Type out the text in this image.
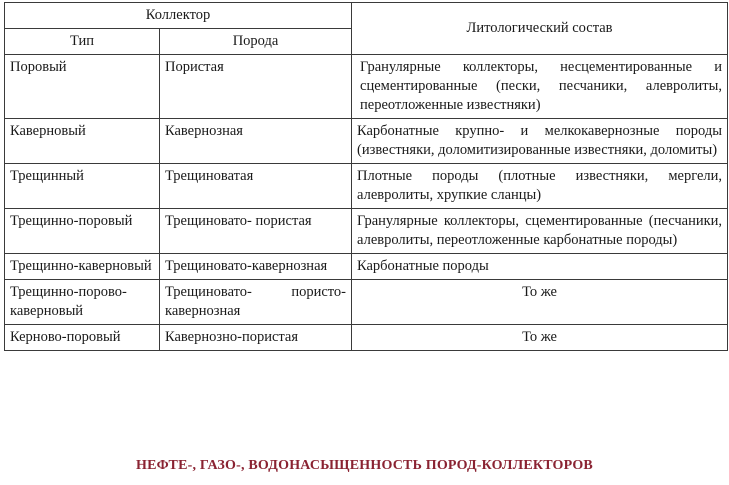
Коллектор		Литологический состав
Тип	Порода	
Поровый	Пористая	Гранулярные коллекторы, несцементированные и сцементированные (пески, песчаники, алевролиты, переотложенные известняки)
Каверновый	Кавернозная	Карбонатные крупно- и мелкокавернозные породы (известняки, доломитизированные известняки, доломиты)
Трещинный	Трещиноватая	Плотные породы (плотные известняки, мергели, алевролиты, хрупкие сланцы)
Трещинно-поровый	Трещиновато- пористая	Гранулярные коллекторы, сцементированные (песчаники, алевролиты, переотложенные карбонатные породы)
Трещинно-каверновый	Трещиновато-кавернозная	Карбонатные породы
Трещинно-порово-каверновый	Трещиновато- пористо-кавернозная	То же
Керново-поровый	Кавернозно-пористая	То же
НЕФТЕ-, ГАЗО-, ВОДОНАСЫЩЕННОСТЬ ПОРОД-КОЛЛЕКТОРОВ
